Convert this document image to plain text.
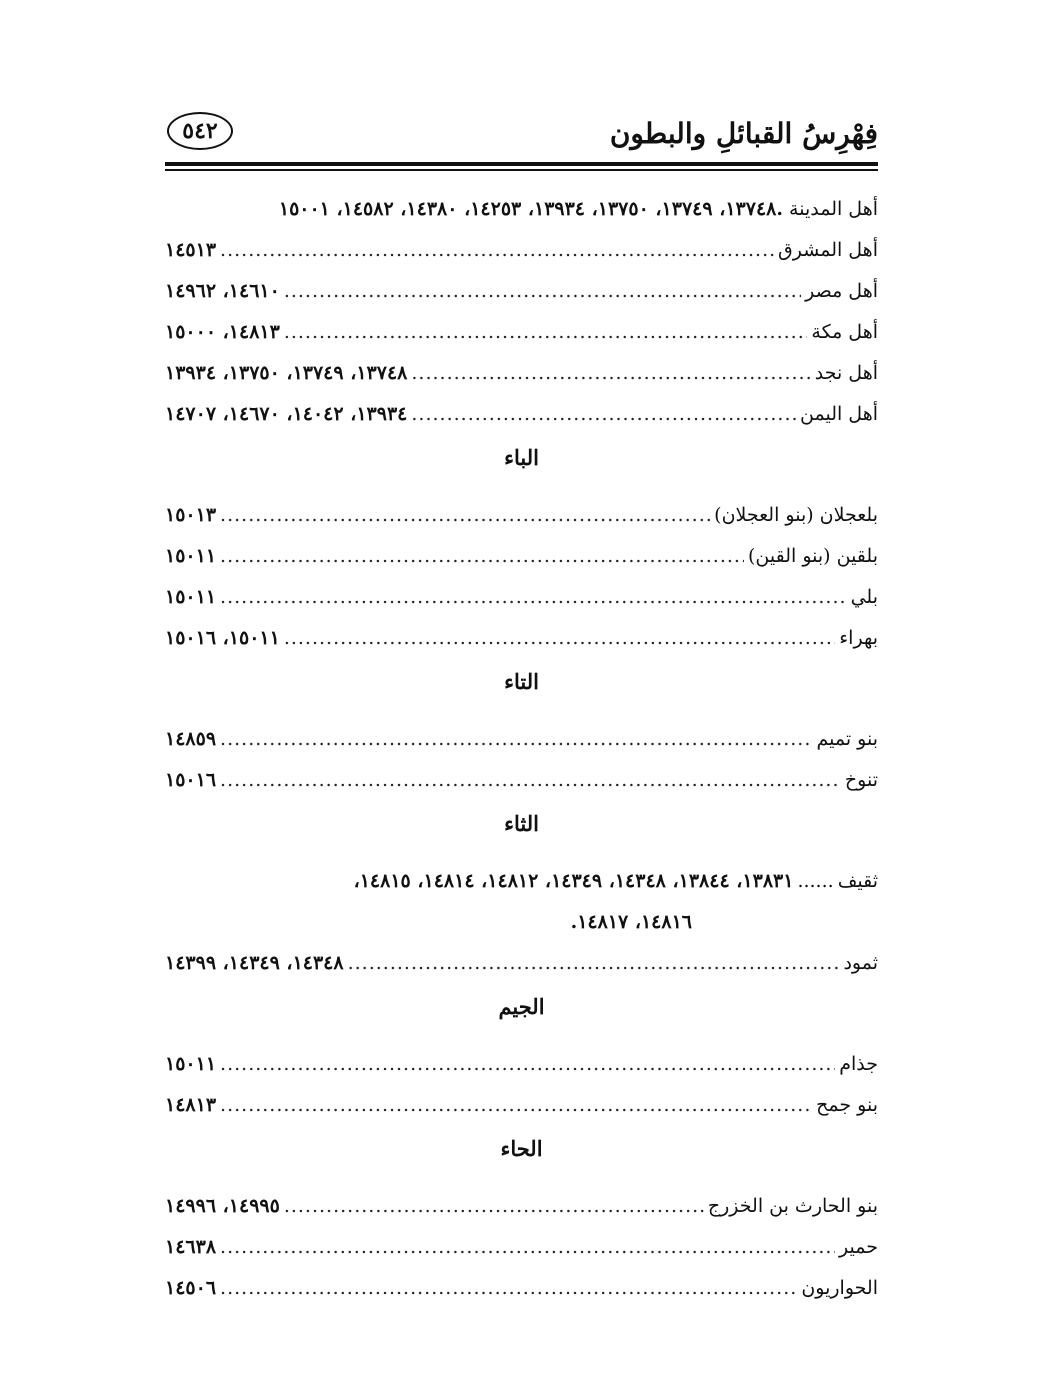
فِهْرِسُ القبائلِ والبطون
٥٤٢
أهل المدينة .١٣٧٤٨، ١٣٧٤٩، ١٣٧٥٠، ١٣٩٣٤، ١٤٢٥٣، ١٤٣٨٠، ١٤٥٨٢، ١٥٠٠١
أهل المشرق
.....
١٤٥١٣
أهل مصر
.....
١٤٦١٠، ١٤٩٦٢
أهل مكة
.....
١٤٨١٣، ١٥٠٠٠
أهل نجد
.....
١٣٧٤٨، ١٣٧٤٩، ١٣٧٥٠، ١٣٩٣٤
أهل اليمن
.....
١٣٩٣٤، ١٤٠٤٢، ١٤٦٧٠، ١٤٧٠٧
الباء
بلعجلان (بنو العجلان)
.....
١٥٠١٣
بلقين (بنو القين)
.....
١٥٠١١
بلي
.....
١٥٠١١
بهراء
.....
١٥٠١١، ١٥٠١٦
التاء
بنو تميم
.....
١٤٨٥٩
تنوخ
.....
١٥٠١٦
الثاء
ثقيف......١٣٨٣١، ١٣٨٤٤، ١٤٣٤٨، ١٤٣٤٩، ١٤٨١٢، ١٤٨١٤، ١٤٨١٥،
١٤٨١٦، ١٤٨١٧.
ثمود
.....
١٤٣٤٨، ١٤٣٤٩، ١٤٣٩٩
الجيم
جذام
.....
١٥٠١١
بنو جمح
.....
١٤٨١٣
الحاء
بنو الحارث بن الخزرج
.....
١٤٩٩٥، ١٤٩٩٦
حمير
.....
١٤٦٣٨
الحواريون
.....
١٤٥٠٦
